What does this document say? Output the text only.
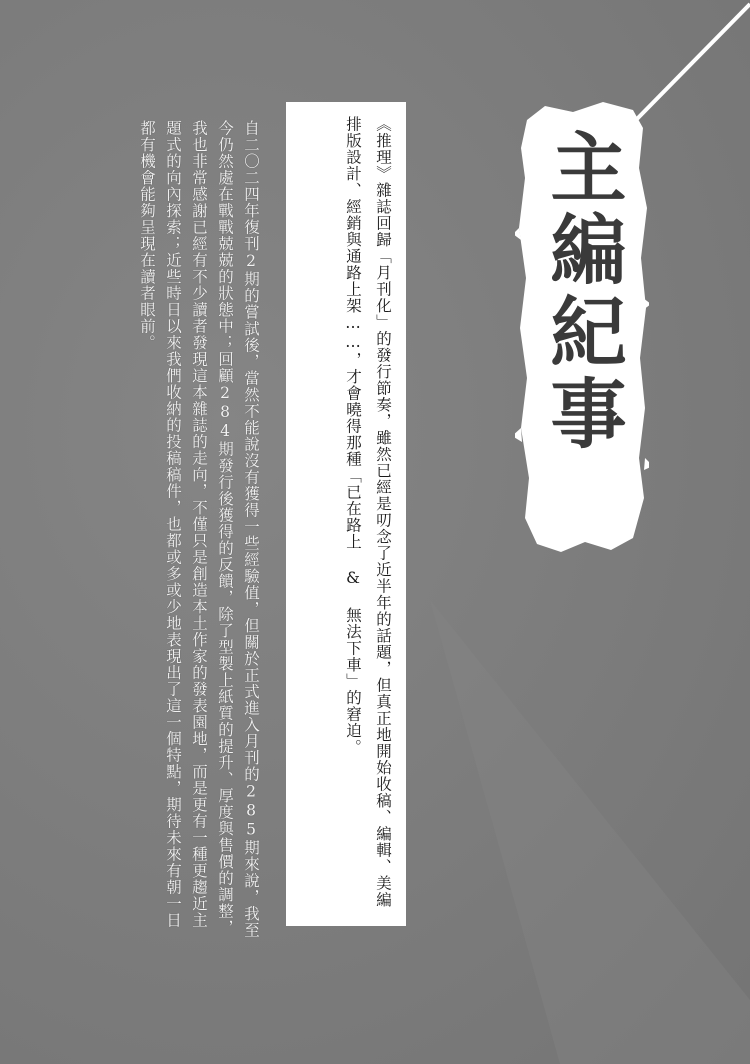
主編紀事

《推理》雜誌回歸「月刊化」的發行節奏，雖然已經是叨念了近半年的話題，但真正地開始收稿、編輯、美編排版設計、經銷與通路上架……，才會曉得那種「已在路上 & 無法下車」的窘迫。

自二〇二四年復刊2期的嘗試後，當然不能說沒有獲得一些經驗值，但關於正式進入月刊的285期來說，我至今仍然處在戰戰兢兢的狀態中；回顧284期發行後獲得的反饋，除了型製上紙質的提升、厚度與售價的調整，我也非常感謝已經有不少讀者發現這本雜誌的走向，不僅只是創造本土作家的發表園地，而是更有一種更趨近主題式的向內探索；近些時日以來我們收納的投稿稿件，也都或多或少地表現出了這一個特點，期待未來有朝一日都有機會能夠呈現在讀者眼前。
